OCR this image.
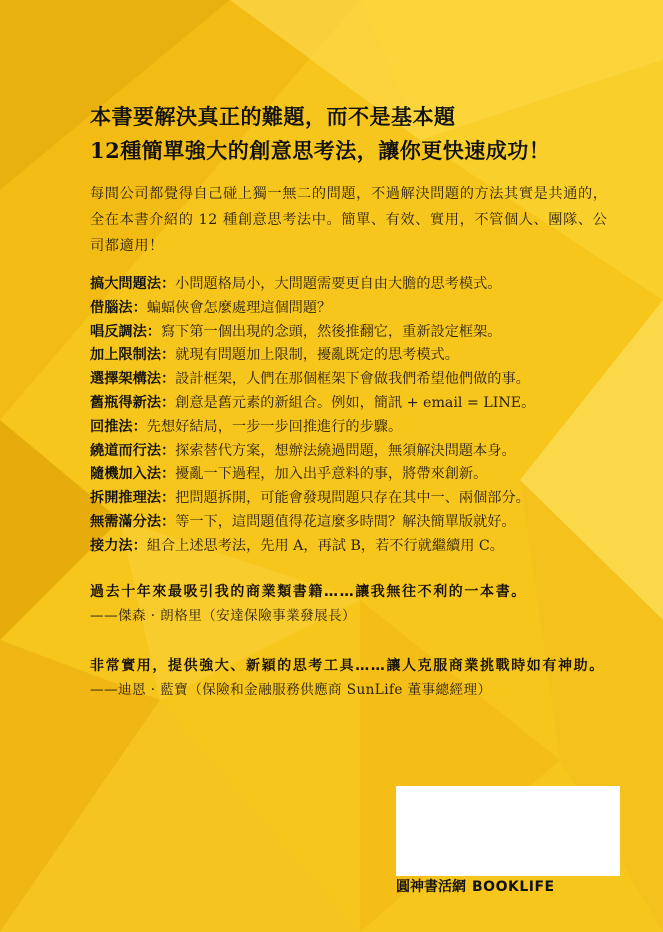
本書要解決真正的難題，而不是基本題
12種簡單強大的創意思考法，讓你更快速成功！
每間公司都覺得自己碰上獨一無二的問題，不過解決問題的方法其實是共通的，全在本書介紹的 12 種創意思考法中。簡單、有效、實用，不管個人、團隊、公司都適用！
搞大問題法：小問題格局小，大問題需要更自由大膽的思考模式。
借腦法：蝙蝠俠會怎麼處理這個問題？
唱反調法：寫下第一個出現的念頭，然後推翻它，重新設定框架。
加上限制法：就現有問題加上限制，擾亂既定的思考模式。
選擇架構法：設計框架，人們在那個框架下會做我們希望他們做的事。
舊瓶得新法：創意是舊元素的新組合。例如，簡訊 + email = LINE。
回推法：先想好結局，一步一步回推進行的步驟。
繞道而行法：探索替代方案，想辦法繞過問題，無須解決問題本身。
隨機加入法：擾亂一下過程，加入出乎意料的事，將帶來創新。
拆開推理法：把問題拆開，可能會發現問題只存在其中一、兩個部分。
無需滿分法：等一下，這問題值得花這麼多時間？解決簡單版就好。
接力法：組合上述思考法，先用 A，再試 B，若不行就繼續用 C。
過去十年來最吸引我的商業類書籍……讓我無往不利的一本書。
——傑森 · 朗格里（安達保險事業發展長）
非常實用，提供強大、新穎的思考工具……讓人克服商業挑戰時如有神助。
——迪恩 · 藍寶（保險和金融服務供應商 SunLife 董事總經理）
圓神書活網 BOOKLIFE
